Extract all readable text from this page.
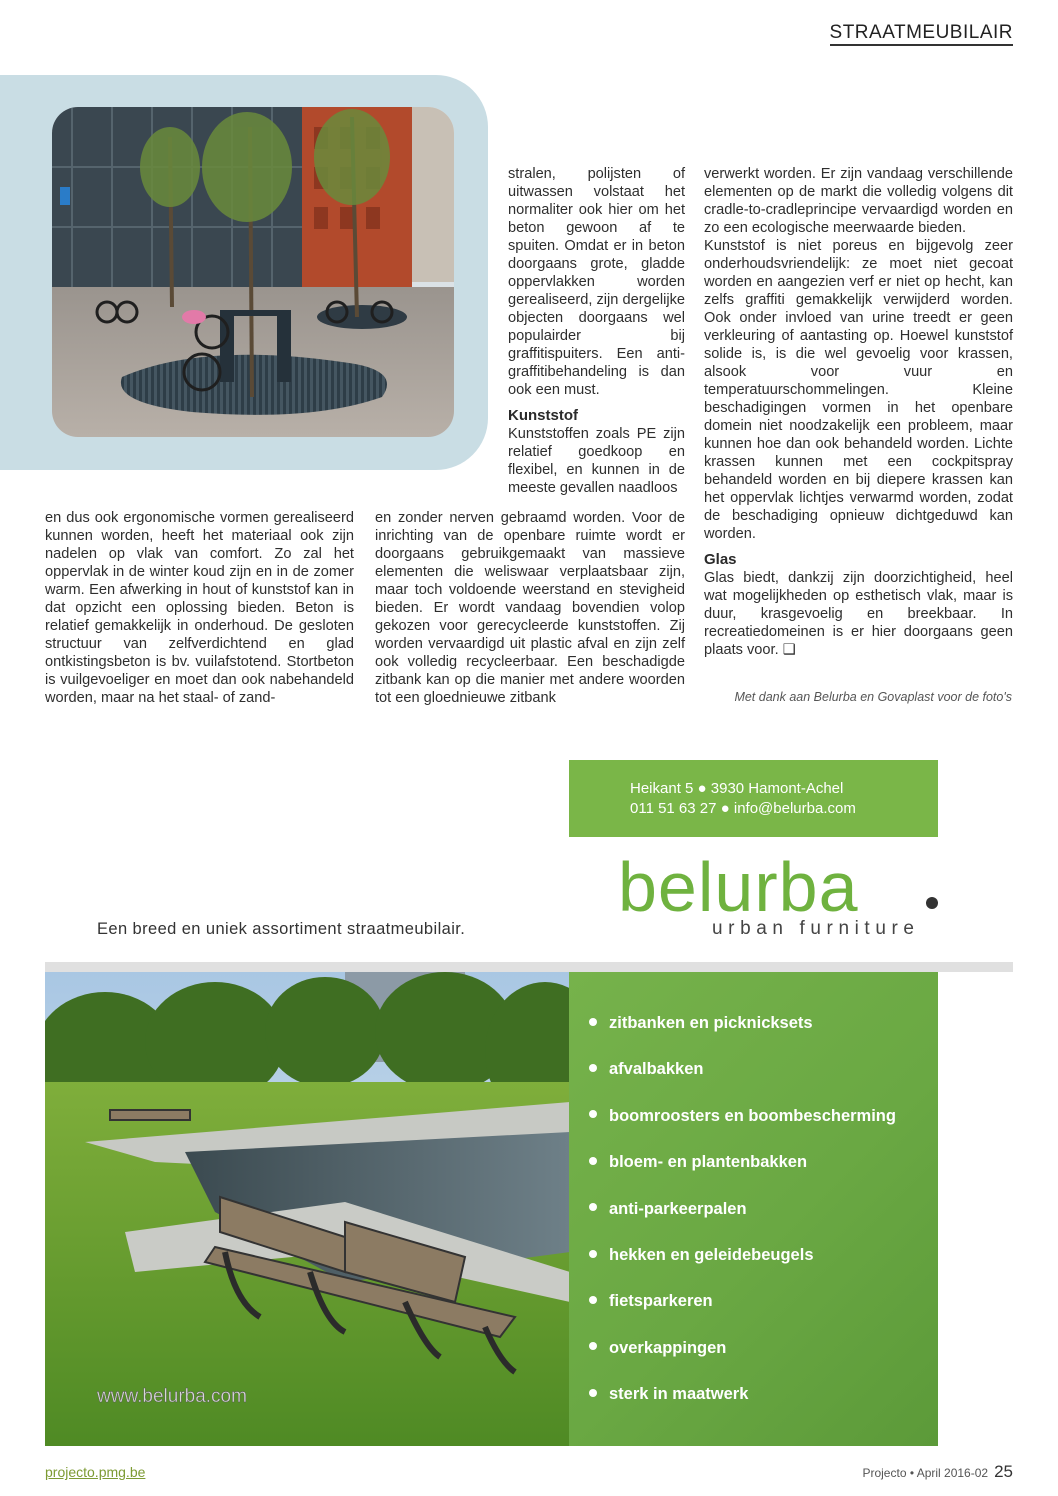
STRAATMEUBILAIR

stralen, polijsten of uitwassen volstaat het normaliter ook hier om het beton gewoon af te spuiten. Omdat er in beton doorgaans grote, gladde oppervlakken worden gerealiseerd, zijn dergelijke objecten doorgaans wel populairder bij graffitispuiters. Een anti-graffitibehandeling is dan ook een must.

Kunststof

Kunststoffen zoals PE zijn relatief goedkoop en flexibel, en kunnen in de meeste gevallen naadloos

en dus ook ergonomische vormen gerealiseerd kunnen worden, heeft het materiaal ook zijn nadelen op vlak van comfort. Zo zal het oppervlak in de winter koud zijn en in de zomer warm. Een afwerking in hout of kunststof kan in dat opzicht een oplossing bieden. Beton is relatief gemakkelijk in onderhoud. De gesloten structuur van zelfverdichtend en glad ontkistingsbeton is bv. vuilafstotend. Stortbeton is vuilgevoeliger en moet dan ook nabehandeld worden, maar na het staal- of zand-

en zonder nerven gebraamd worden. Voor de inrichting van de openbare ruimte wordt er doorgaans gebruikgemaakt van massieve elementen die weliswaar verplaatsbaar zijn, maar toch voldoende weerstand en stevigheid bieden. Er wordt vandaag bovendien volop gekozen voor gerecycleerde kunststoffen. Zij worden vervaardigd uit plastic afval en zijn zelf ook volledig recycleerbaar. Een beschadigde zitbank kan op die manier met andere woorden tot een gloednieuwe zitbank

verwerkt worden. Er zijn vandaag verschillende elementen op de markt die volledig volgens dit cradle-to-cradleprincipe vervaardigd worden en zo een ecologische meerwaarde bieden.

Kunststof is niet poreus en bijgevolg zeer onderhoudsvriendelijk: ze moet niet gecoat worden en aangezien verf er niet op hecht, kan zelfs graffiti gemakkelijk verwijderd worden. Ook onder invloed van urine treedt er geen verkleuring of aantasting op. Hoewel kunststof solide is, is die wel gevoelig voor krassen, alsook voor vuur en temperatuurschommelingen. Kleine beschadigingen vormen in het openbare domein niet noodzakelijk een probleem, maar kunnen hoe dan ook behandeld worden. Lichte krassen kunnen met een cockpitspray behandeld worden en bij diepere krassen kan het oppervlak lichtjes verwarmd worden, zodat de beschadiging opnieuw dichtgeduwd kan worden.

Glas

Glas biedt, dankzij zijn doorzichtigheid, heel wat mogelijkheden op esthetisch vlak, maar is duur, krasgevoelig en breekbaar. In recreatiedomeinen is er hier doorgaans geen plaats voor. ❑

Met dank aan Belurba en Govaplast voor de foto's
Heikant 5 ● 3930 Hamont-Achel
011 51 63 27 ● info@belurba.com
belurba
urban furniture
Een breed en uniek assortiment straatmeubilair.
www.belurba.com
zitbanken en picknicksets
afvalbakken
boomroosters en boombescherming
bloem- en plantenbakken
anti-parkeerpalen
hekken en geleidebeugels
fietsparkeren
overkappingen
sterk in maatwerk
projecto.pmg.be	Projecto • April 2016-02 25
